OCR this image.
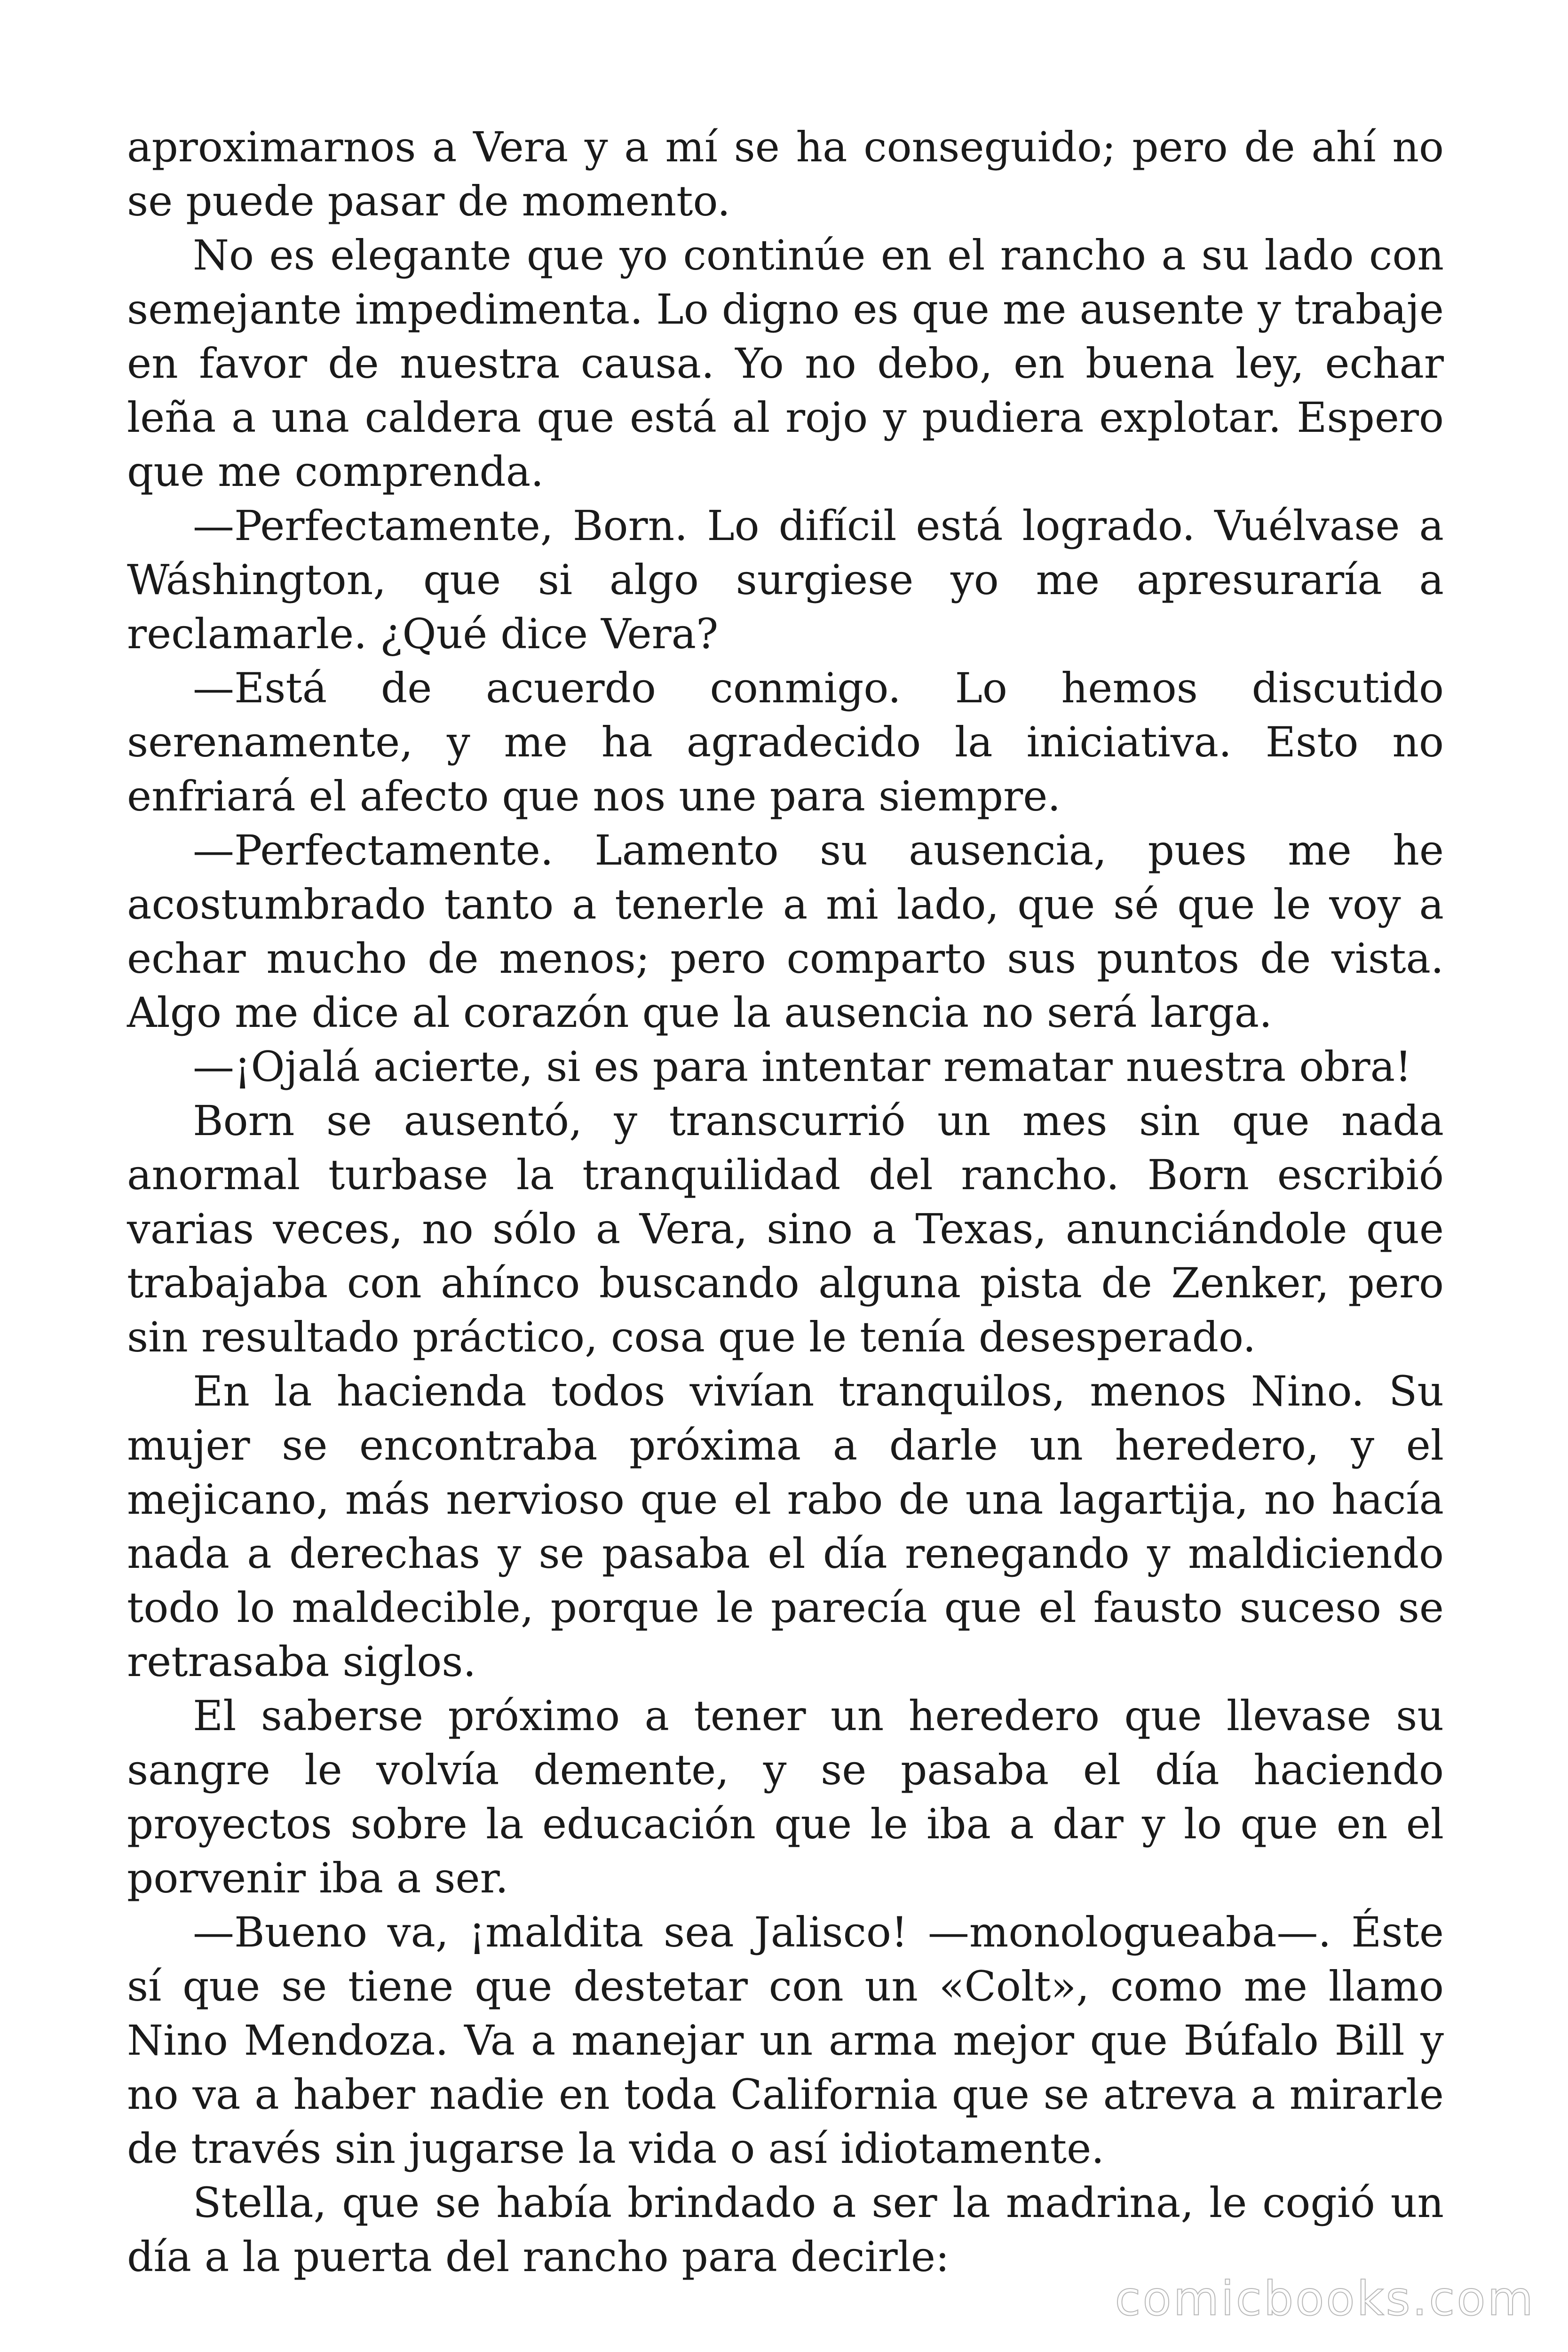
aproximarnos a Vera y a mí se ha conseguido; pero de ahí no se puede pasar de momento.

No es elegante que yo continúe en el rancho a su lado con semejante impedimenta. Lo digno es que me ausente y trabaje en favor de nuestra causa. Yo no debo, en buena ley, echar leña a una caldera que está al rojo y pudiera explotar. Espero que me comprenda.

—Perfectamente, Born. Lo difícil está logrado. Vuélvase a Wáshington, que si algo surgiese yo me apresuraría a reclamarle. ¿Qué dice Vera?

—Está de acuerdo conmigo. Lo hemos discutido serenamente, y me ha agradecido la iniciativa. Esto no enfriará el afecto que nos une para siempre.

—Perfectamente. Lamento su ausencia, pues me he acostumbrado tanto a tenerle a mi lado, que sé que le voy a echar mucho de menos; pero comparto sus puntos de vista. Algo me dice al corazón que la ausencia no será larga.

—¡Ojalá acierte, si es para intentar rematar nuestra obra!

Born se ausentó, y transcurrió un mes sin que nada anormal turbase la tranquilidad del rancho. Born escribió varias veces, no sólo a Vera, sino a Texas, anunciándole que trabajaba con ahínco buscando alguna pista de Zenker, pero sin resultado práctico, cosa que le tenía desesperado.

En la hacienda todos vivían tranquilos, menos Nino. Su mujer se encontraba próxima a darle un heredero, y el mejicano, más nervioso que el rabo de una lagartija, no hacía nada a derechas y se pasaba el día renegando y maldiciendo todo lo maldecible, porque le parecía que el fausto suceso se retrasaba siglos.

El saberse próximo a tener un heredero que llevase su sangre le volvía demente, y se pasaba el día haciendo proyectos sobre la educación que le iba a dar y lo que en el porvenir iba a ser.

—Bueno va, ¡maldita sea Jalisco! —monologueaba—. Éste sí que se tiene que destetar con un «Colt», como me llamo Nino Mendoza. Va a manejar un arma mejor que Búfalo Bill y no va a haber nadie en toda California que se atreva a mirarle de través sin jugarse la vida o así idiotamente.

Stella, que se había brindado a ser la madrina, le cogió un día a la puerta del rancho para decirle:

comicbooks.com
